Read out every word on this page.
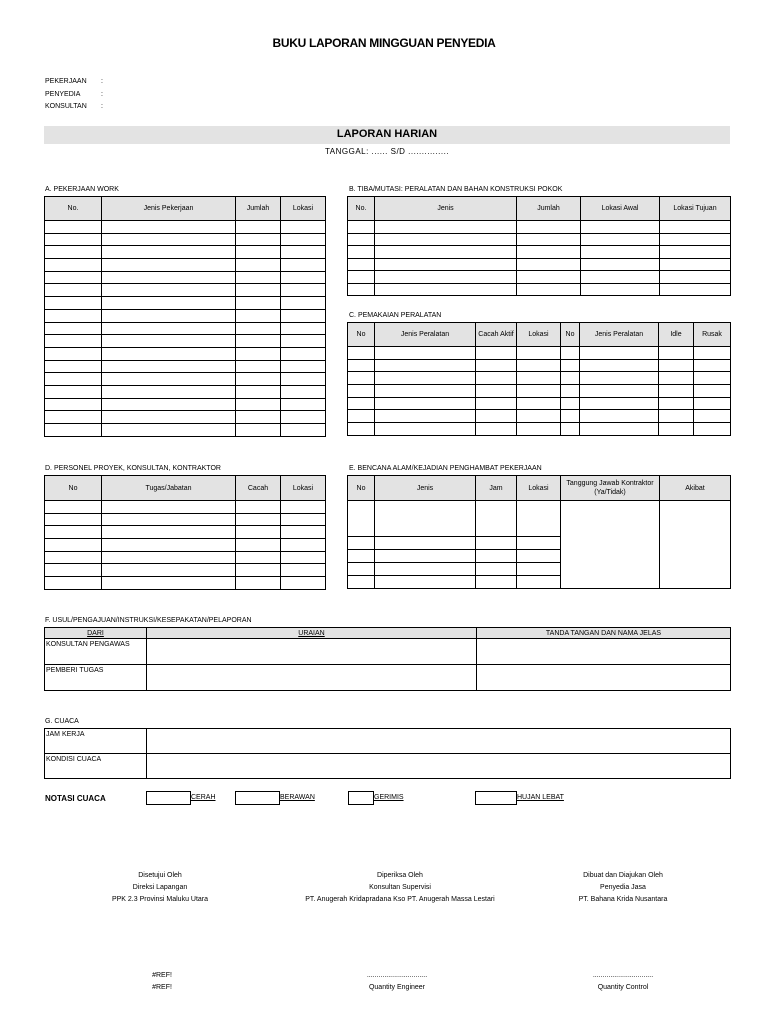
BUKU LAPORAN MINGGUAN PENYEDIA
PEKERJAAN :
PENYEDIA	:
KONSULTAN :
LAPORAN HARIAN
TANGGAL: ...... S/D ...............
A. PEKERJAAN WORK
No.	Jenis Pekerjaan	Jumlah	Lokasi

B. TIBA/MUTASI: PERALATAN DAN BAHAN KONSTRUKSI POKOK
No.	Jenis	Jumlah	Lokasi Awal	Lokasi Tujuan

C. PEMAKAIAN PERALATAN
No	Jenis Peralatan	Cacah Aktif	Lokasi	No	Jenis Peralatan	Idle	Rusak

D. PERSONEL PROYEK, KONSULTAN, KONTRAKTOR
No	Tugas/Jabatan	Cacah	Lokasi

E. BENCANA ALAM/KEJADIAN PENGHAMBAT PEKERJAAN
No	Jenis	Jam	Lokasi	Tanggung Jawab Kontraktor (Ya/Tidak)	Akibat

F. USUL/PENGAJUAN/INSTRUKSI/KESEPAKATAN/PELAPORAN
DARI	URAIAN	TANDA TANGAN DAN NAMA JELAS
KONSULTAN PENGAWAS		
PEMBERI TUGAS		
G. CUACA
JAM KERJA	
KONDISI CUACA	
NOTASI CUACA	CERAH	BERAWAN	GERIMIS	HUJAN LEBAT
Disetujui Oleh
Direksi Lapangan
PPK 2.3 Provinsi Maluku Utara
Diperiksa Oleh
Konsultan Supervisi
PT. Anugerah Kridapradana Kso PT. Anugerah Massa Lestari
Dibuat dan Diajukan Oleh
Penyedia Jasa
PT. Bahana Krida Nusantara
#REF!
#REF!
...............................
Quantity Engineer
...............................
Quantity Control
